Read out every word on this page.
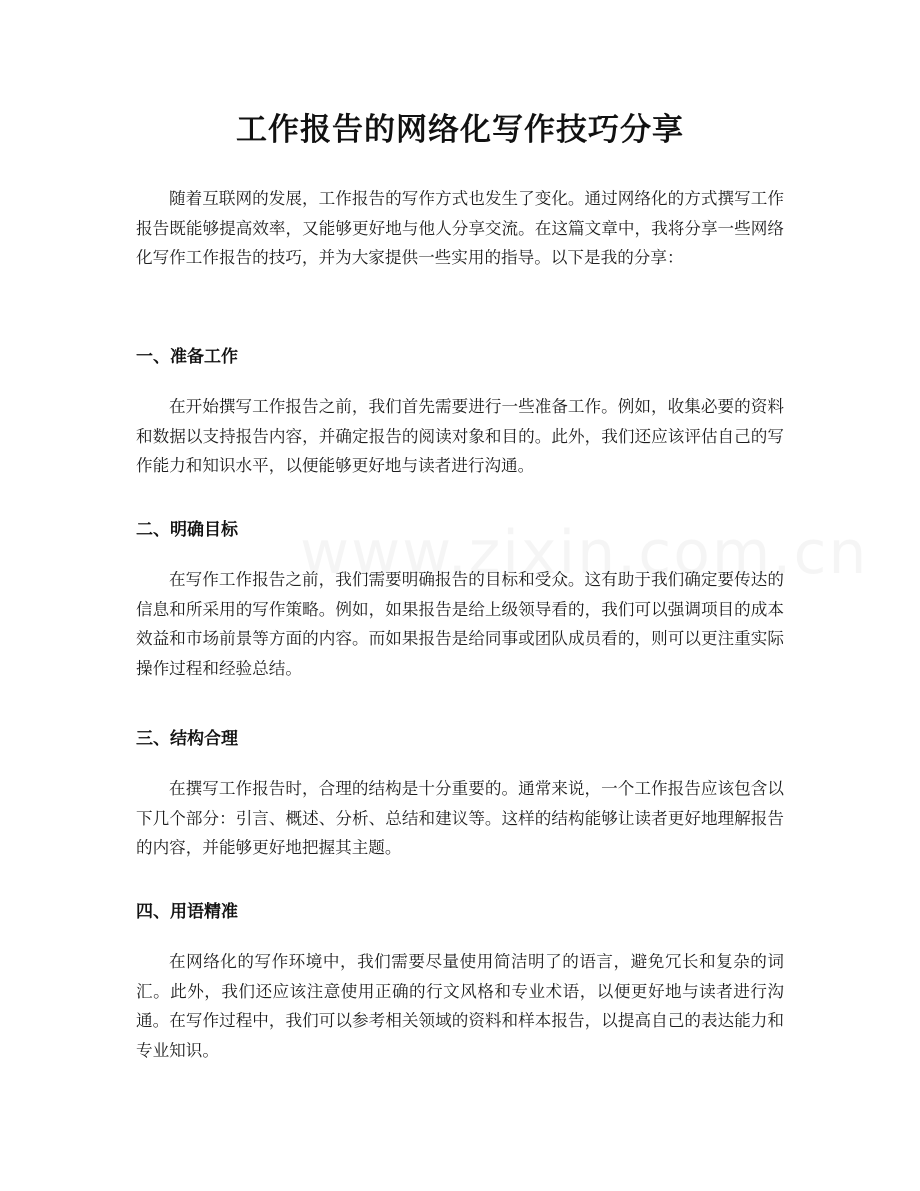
工作报告的网络化写作技巧分享

随着互联网的发展，工作报告的写作方式也发生了变化。通过网络化的方式撰写工作报告既能够提高效率，又能够更好地与他人分享交流。在这篇文章中，我将分享一些网络化写作工作报告的技巧，并为大家提供一些实用的指导。以下是我的分享：

一、准备工作

在开始撰写工作报告之前，我们首先需要进行一些准备工作。例如，收集必要的资料和数据以支持报告内容，并确定报告的阅读对象和目的。此外，我们还应该评估自己的写作能力和知识水平，以便能够更好地与读者进行沟通。

二、明确目标

在写作工作报告之前，我们需要明确报告的目标和受众。这有助于我们确定要传达的信息和所采用的写作策略。例如，如果报告是给上级领导看的，我们可以强调项目的成本效益和市场前景等方面的内容。而如果报告是给同事或团队成员看的，则可以更注重实际操作过程和经验总结。

三、结构合理

在撰写工作报告时，合理的结构是十分重要的。通常来说，一个工作报告应该包含以下几个部分：引言、概述、分析、总结和建议等。这样的结构能够让读者更好地理解报告的内容，并能够更好地把握其主题。

四、用语精准

在网络化的写作环境中，我们需要尽量使用简洁明了的语言，避免冗长和复杂的词汇。此外，我们还应该注意使用正确的行文风格和专业术语，以便更好地与读者进行沟通。在写作过程中，我们可以参考相关领域的资料和样本报告，以提高自己的表达能力和专业知识。
